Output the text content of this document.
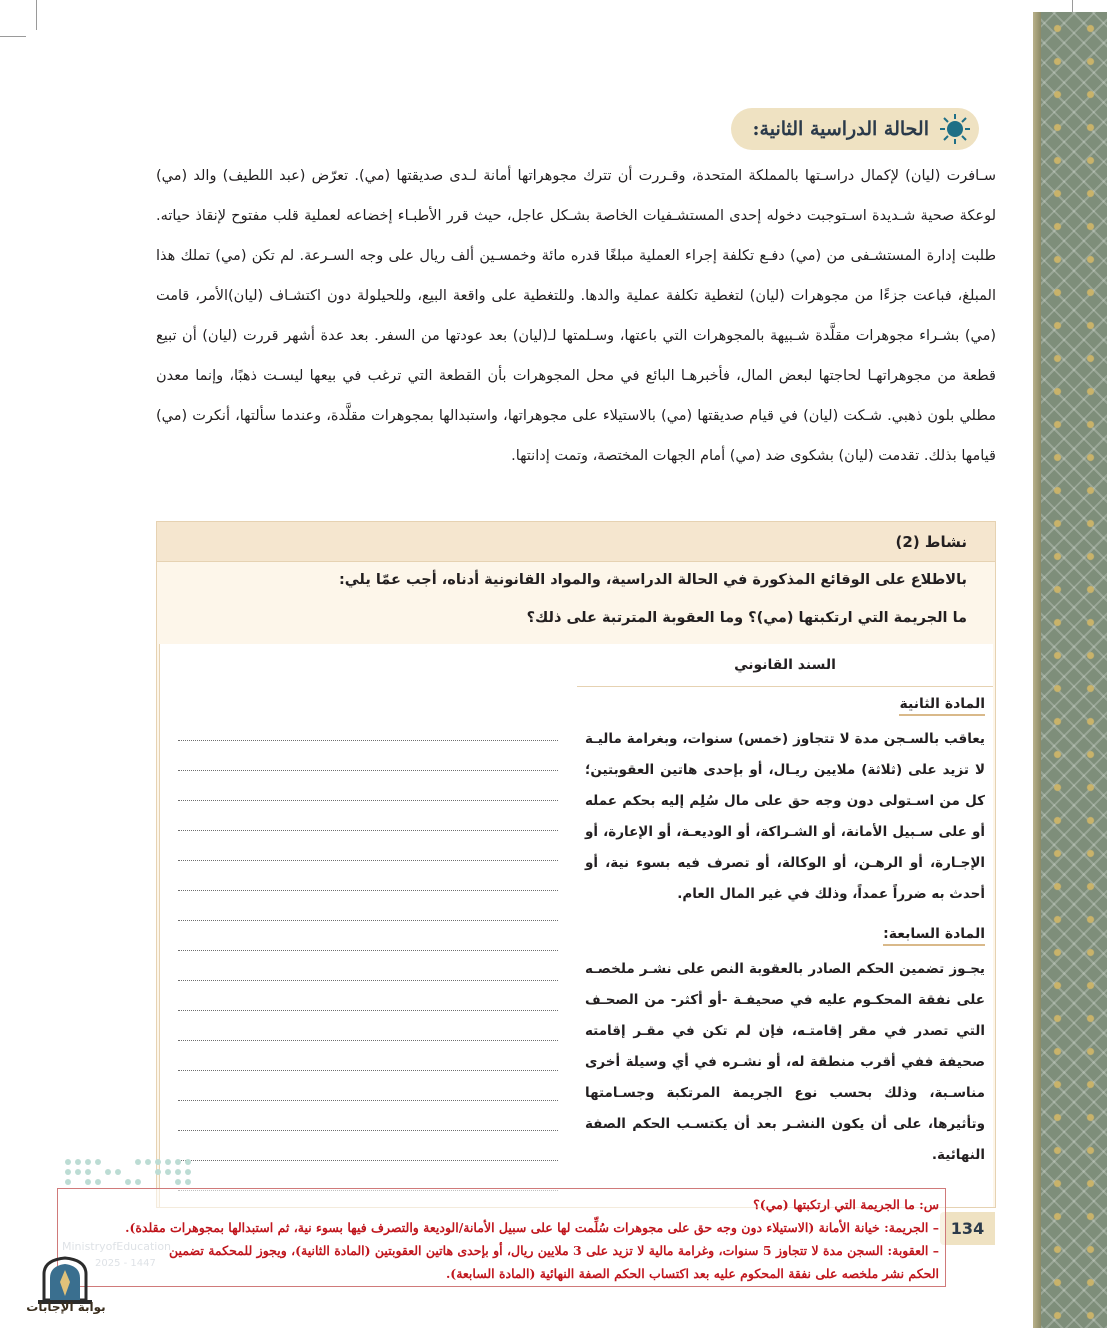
الحالة الدراسية الثانية:
سـافرت (ليان) لإكمال دراسـتها بالمملكة المتحدة، وقـررت أن تترك مجوهراتها أمانة لـدى صديقتها (مي). تعرّض (عبد اللطيف) والد (مي) لوعكة صحية شـديدة اسـتوجبت دخوله إحدى المستشـفيات الخاصة بشـكل عاجل، حيث قرر الأطبـاء إخضاعه لعملية قلب مفتوح لإنقاذ حياته. طلبت إدارة المستشـفى من (مي) دفـع تكلفة إجراء العملية مبلغًا قدره مائة وخمسـين ألف ريال على وجه السـرعة. لم تكن (مي) تملك هذا المبلغ، فباعت جزءًا من مجوهرات (ليان) لتغطية تكلفة عملية والدها. وللتغطية على واقعة البيع، وللحيلولة دون اكتشـاف (ليان)الأمر، قامت (مي) بشـراء مجوهرات مقلَّدة شـبيهة بالمجوهرات التي باعتها، وسـلمتها لـ(ليان) بعد عودتها من السفر. بعد عدة أشهر قررت (ليان) أن تبيع قطعة من مجوهراتهـا لحاجتها لبعض المال، فأخبرهـا البائع في محل المجوهرات بأن القطعة التي ترغب في بيعها ليسـت ذهبًا، وإنما معدن مطلي بلون ذهبي. شـكت (ليان) في قيام صديقتها (مي) بالاستيلاء على مجوهراتها، واستبدالها بمجوهرات مقلَّدة، وعندما سألتها، أنكرت (مي) قيامها بذلك. تقدمت (ليان) بشكوى ضد (مي) أمام الجهات المختصة، وتمت إدانتها.
نشاط (2)
بالاطلاع على الوقائع المذكورة في الحالة الدراسية، والمواد القانونية أدناه، أجب عمّا يلي:
ما الجريمة التي ارتكبتها (مي)؟ وما العقوبة المترتبة على ذلك؟
السند القانوني
المادة الثانية
يعاقب بالسـجن مدة لا تتجاوز (خمس) سنوات، وبغرامة ماليـة لا تزيد على (ثلاثة) ملايين ريـال، أو بإحدى هاتين العقوبتين؛ كل من اسـتولى دون وجه حق على مال سُلِم إليه بحكم عمله أو على سـبيل الأمانة، أو الشـراكة، أو الوديعـة، أو الإعارة، أو الإجـارة، أو الرهـن، أو الوكالة، أو تصرف فيه بسوء نية، أو أحدث به ضرراً عمداً، وذلك في غير المال العام.
المادة السابعة:
يجـوز تضمين الحكم الصادر بالعقوبة النص على نشـر ملخصـه على نفقة المحكـوم عليه في صحيفـة -أو أكثر- من الصحـف التي تصدر في مقر إقامتـه، فإن لم تكن في مقـر إقامته صحيفة ففي أقرب منطقة له، أو نشـره في أي وسيلة أخرى مناسـبة، وذلك بحسب نوع الجريمة المرتكبة وجسـامتها وتأثيرها، على أن يكون النشـر بعد أن يكتسـب الحكم الصفة النهائية.
134
س: ما الجريمة التي ارتكبتها (مي)؟
– الجريمة: خيانة الأمانة (الاستيلاء دون وجه حق على مجوهرات سُلِّمت لها على سبيل الأمانة/الوديعة والتصرف فيها بسوء نية، ثم استبدالها بمجوهرات مقلدة).
– العقوبة: السجن مدة لا تتجاوز 5 سنوات، وغرامة مالية لا تزيد على 3 ملايين ريال، أو بإحدى هاتين العقوبتين (المادة الثانية)، ويجوز للمحكمة تضمين
الحكم نشر ملخصه على نفقة المحكوم عليه بعد اكتساب الحكم الصفة النهائية (المادة السابعة).
بوابة الإجابات
